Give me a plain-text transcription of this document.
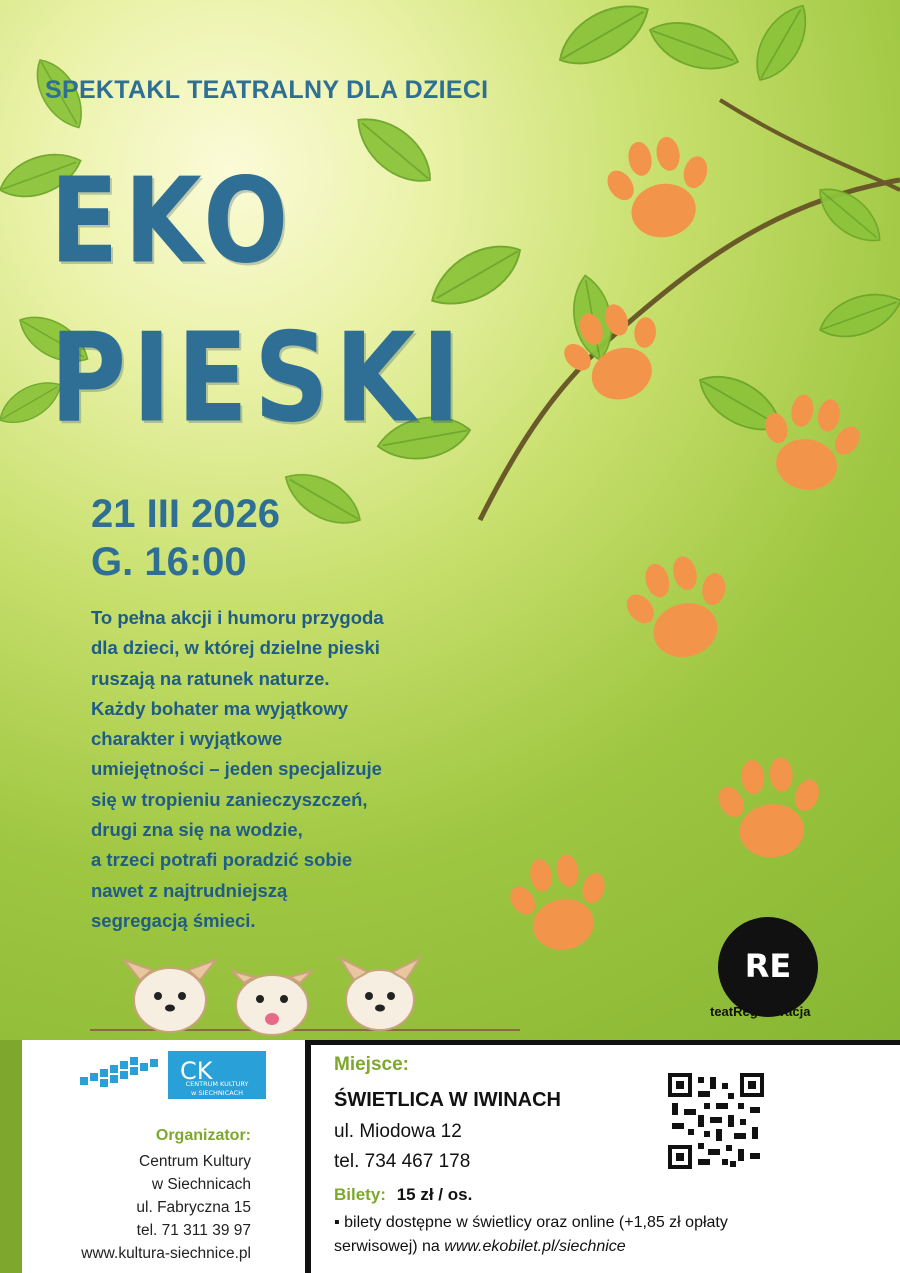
SPEKTAKL TEATRALNY DLA DZIECI
EKO
PIESKI
21 III 2026
G. 16:00
To pełna akcji i humoru przygoda
dla dzieci, w której dzielne pieski
ruszają na ratunek naturze.
Każdy bohater ma wyjątkowy
charakter i wyjątkowe
umiejętności – jeden specjalizuje
się w tropieniu zanieczyszczeń,
drugi zna się na wodzie,
a trzeci potrafi poradzić sobie
nawet z najtrudniejszą
segregacją śmieci.
RE
teatRegeneracja
CK
CENTRUM KULTURY
w SIECHNICACH
Organizator:
Centrum Kultury
w Siechnicach
ul. Fabryczna 15
tel. 71 311 39 97
www.kultura-siechnice.pl
Miejsce:
ŚWIETLICA W IWINACH
ul. Miodowa 12
tel. 734 467 178
Bilety: 15 zł / os.
▪ bilety dostępne w świetlicy oraz online (+1,85 zł opłaty
serwisowej) na www.ekobilet.pl/siechnice
